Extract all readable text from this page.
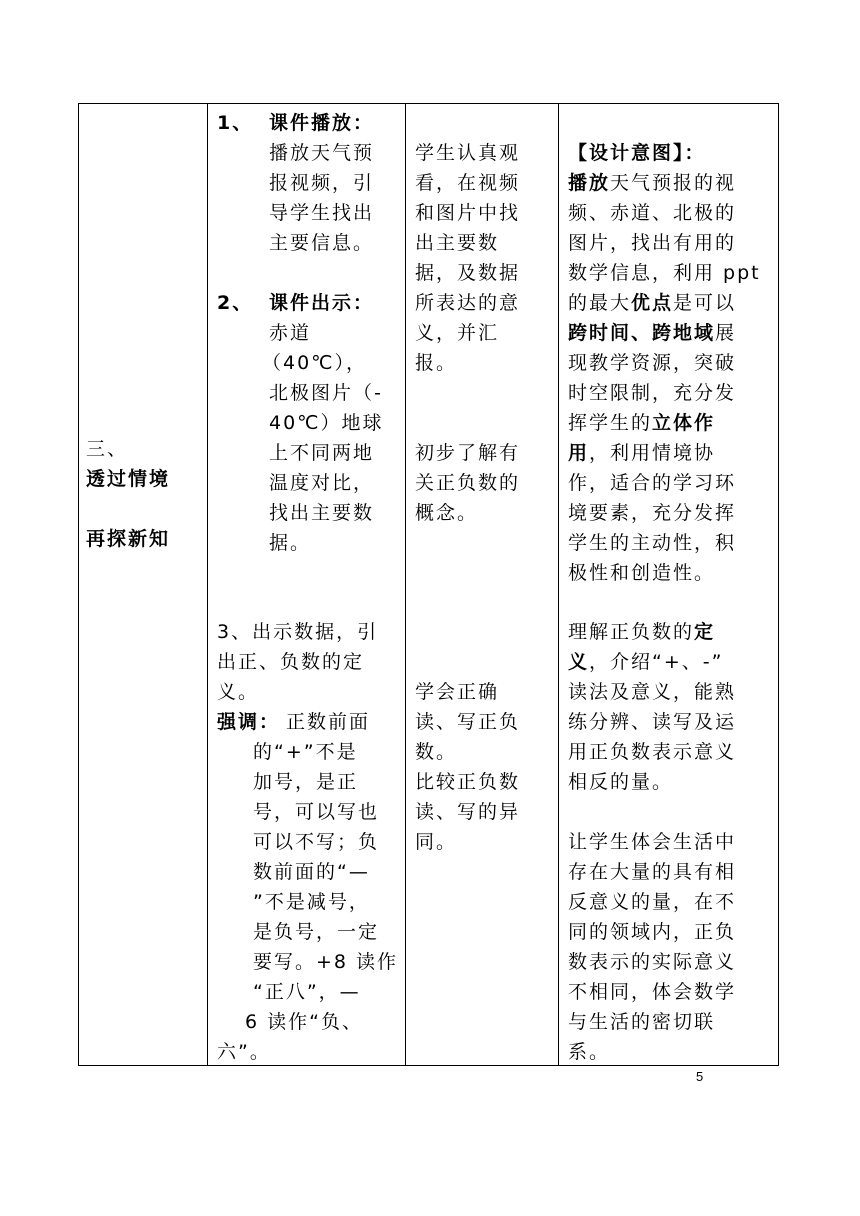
三、
透过情境
再探新知
1、 课件播放：
播放天气预
报视频，引
导学生找出
主要信息。
2、 课件出示：
赤道
（40℃），
北极图片（-
40℃）地球
上不同两地
温度对比，
找出主要数
据。
3、出示数据，引
出正、负数的定
义。
强调： 正数前面
的“+”不是
加号，是正
号，可以写也
可以不写；负
数前面的“—
”不是减号，
是负号，一定
要写。+8 读作
“正八”，—
6 读作“负、
六”。
学生认真观
看，在视频
和图片中找
出主要数
据，及数据
所表达的意
义，并汇
报。
初步了解有
关正负数的
概念。
学会正确
读、写正负
数。
比较正负数
读、写的异
同。
【设计意图】：
播放天气预报的视
频、赤道、北极的
图片，找出有用的
数学信息，利用 ppt
的最大优点是可以
跨时间、跨地域展
现教学资源，突破
时空限制，充分发
挥学生的立体作
用，利用情境协
作，适合的学习环
境要素，充分发挥
学生的主动性，积
极性和创造性。
理解正负数的定
义，介绍“+、-”
读法及意义，能熟
练分辨、读写及运
用正负数表示意义
相反的量。
让学生体会生活中
存在大量的具有相
反意义的量，在不
同的领域内，正负
数表示的实际意义
不相同，体会数学
与生活的密切联
系。
5
